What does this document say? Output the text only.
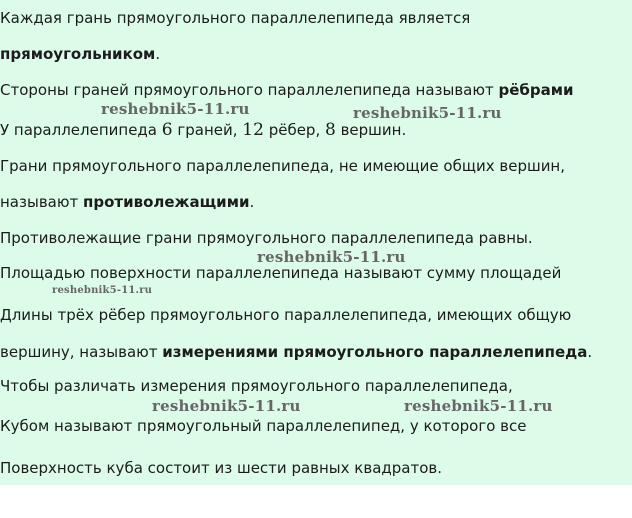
Каждая грань прямоугольного параллелепипеда является
прямоугольником.
Стороны граней прямоугольного параллелепипеда называют рёбрами
У параллелепипеда 6 граней, 12 рёбер, 8 вершин.
Грани прямоугольного параллелепипеда, не имеющие общих вершин,
называют противолежащими.
Противолежащие грани прямоугольного параллелепипеда равны.
Площадью поверхности параллелепипеда называют сумму площадей
Длины трёх рёбер прямоугольного параллелепипеда, имеющих общую
вершину, называют измерениями прямоугольного параллелепипеда.
Чтобы различать измерения прямоугольного параллелепипеда,
Кубом называют прямоугольный параллелепипед, у которого все
Поверхность куба состоит из шести равных квадратов.
reshebnik5-11.ru	reshebnik5-11.ru
reshebnik5-11.ru
reshebnik5-11.ru
reshebnik5-11.ru	reshebnik5-11.ru
